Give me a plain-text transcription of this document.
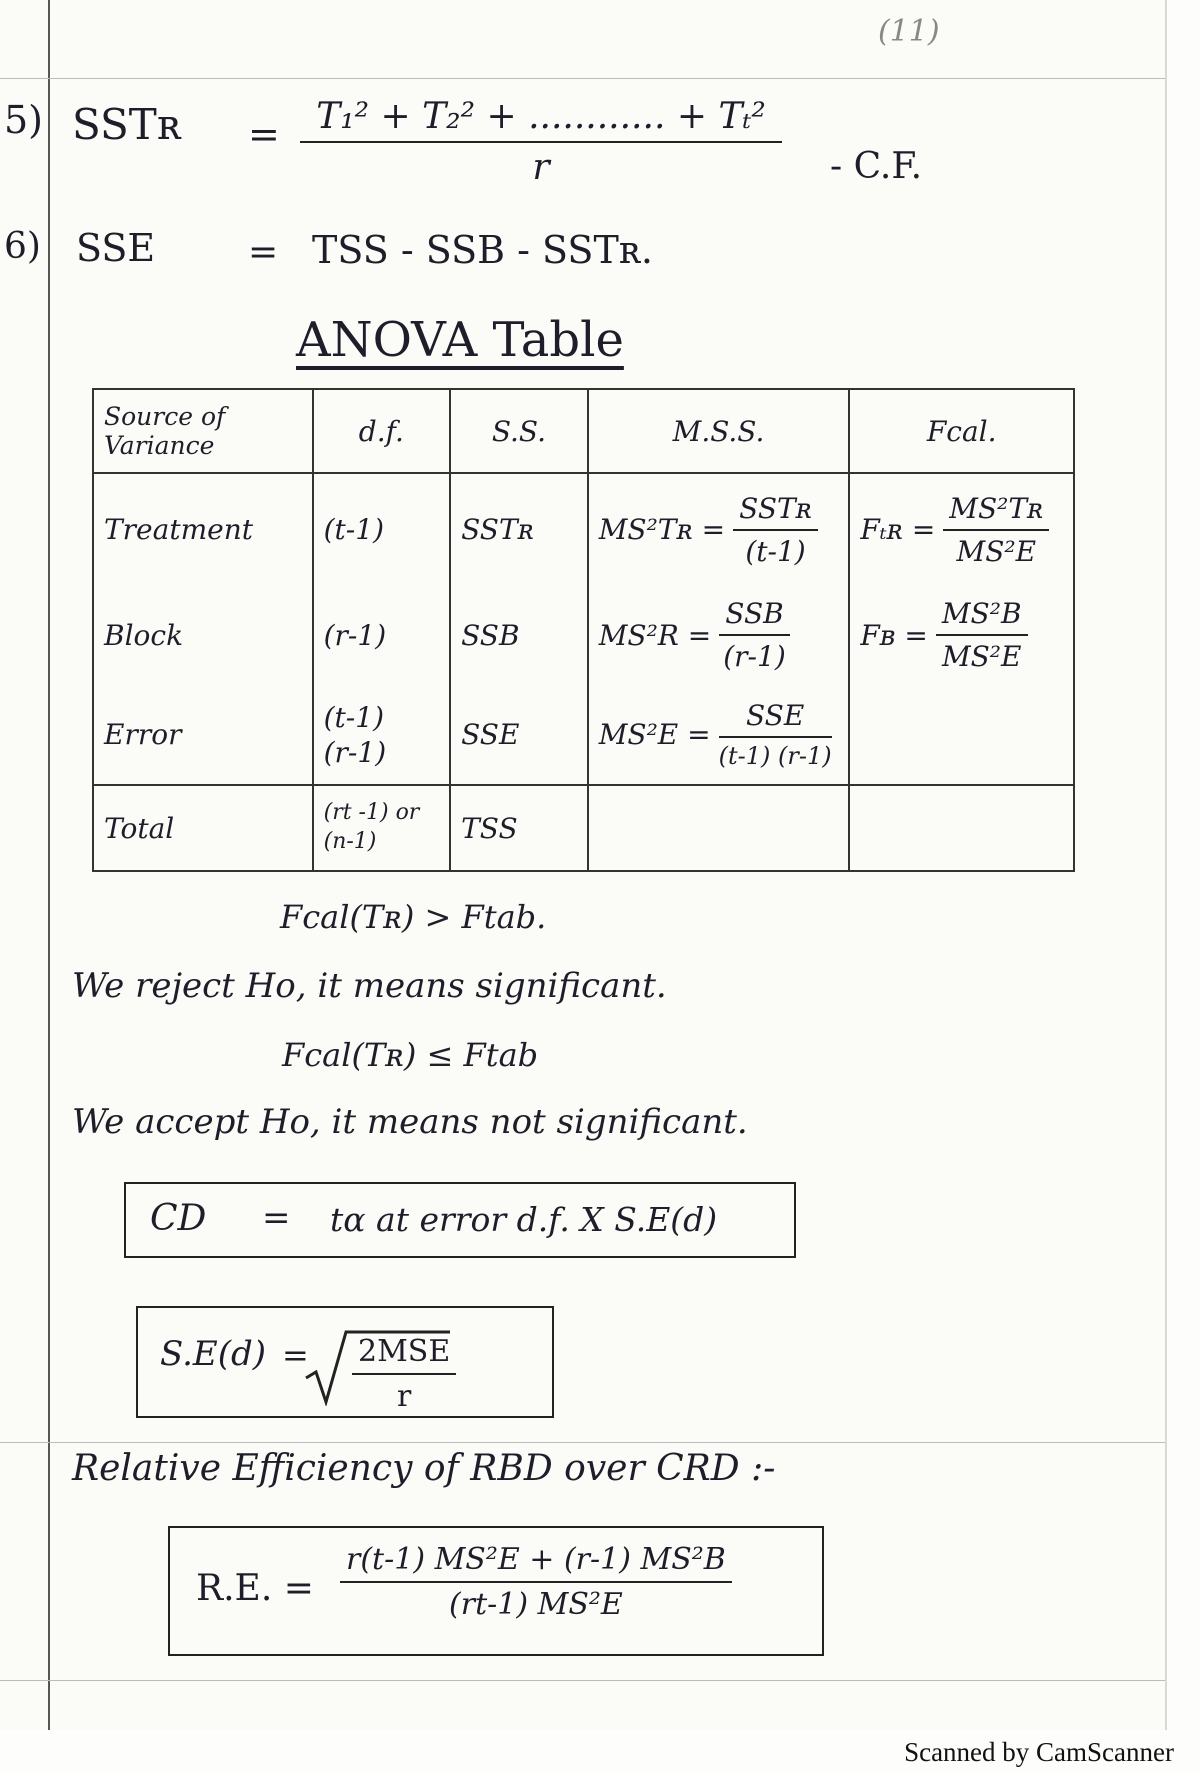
(11)
5) SSTʀ = $\frac{\text{T₁² + T₂² + ............ + Tₜ²}}{r} - C.F$.
6) SSE	= TSS - SSB - SSTʀ.
ANOVA Table
Source of Variance	d.f.	S.S.	M.S.S.	Fcal.
Treatment	(t-1)	SSTʀ	MS²Tʀ = $\frac{\text{SSTʀ}}{(t-1)}$	Fₜʀ = $\frac{\text{MS²Tʀ}}{\text{MS²E}}$

Block	(r-1)	SSB	$MS^2R = \frac{\text{SSB}}{(r-1)}$	Fʙ = $\frac{\text{MS²B}}{\text{MS²E}}$

Error	(t-1)
(r-1)	SSE	$MS^2E = \frac{\text{SSE}}{(t-1) (r-1)}$

Total	(rt -1) or
(n-1)	TSS		
Fcal(Tʀ) > Ftab.
We reject Ho, it means significant.
Fcal(Tʀ) ≤ Ftab
We accept Ho, it means not significant.
CD = tα at error d.f. X S.E(d)
$S.E(d) = \frac{\text{2MSE}}{r}$
Relative Efficiency of RBD over CRD :-
R.E. = $\frac{\text{r(t-1) MS²E + (r-1) MS²B}}{\text{(rt-1) MS²E}}$
Scanned by CamScanner
